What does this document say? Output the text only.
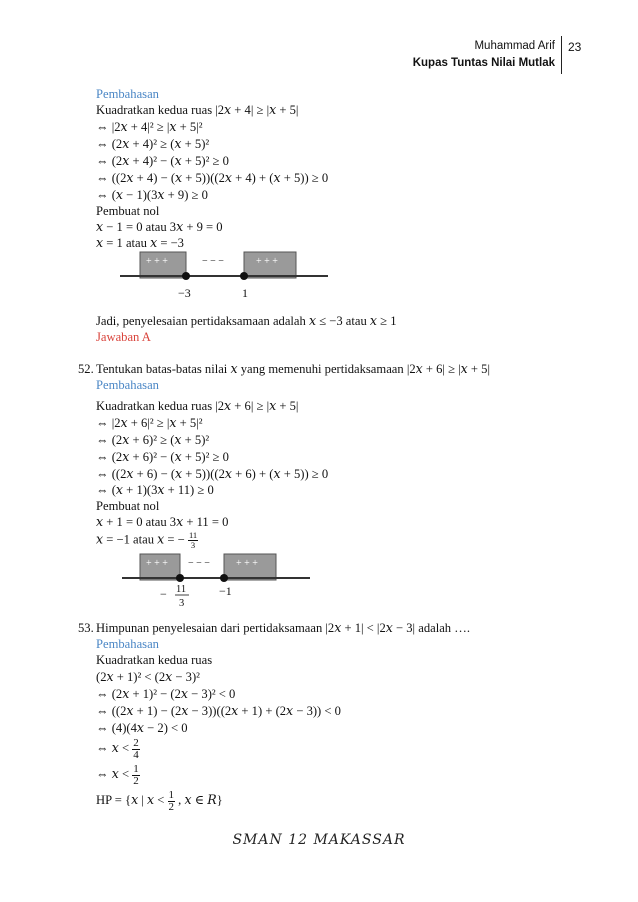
Muhammad Arif
Kupas Tuntas Nilai Mutlak
23
Pembahasan
Kuadratkan kedua ruas |2𝑥 + 4| ≥ |𝑥 + 5|
⇔ |2𝑥 + 4|² ≥ |𝑥 + 5|²
⇔ (2𝑥 + 4)² ≥ (𝑥 + 5)²
⇔ (2𝑥 + 4)² − (𝑥 + 5)² ≥ 0
⇔ ((2𝑥 + 4) − (𝑥 + 5))((2𝑥 + 4) + (𝑥 + 5)) ≥ 0
⇔ (𝑥 − 1)(3𝑥 + 9) ≥ 0
Pembuat nol
𝑥 − 1 = 0 atau 3𝑥 + 9 = 0
𝑥 = 1 atau 𝑥 = −3
+ + +	− − −	+ + +
−3	1
Jadi, penyelesaian pertidaksamaan adalah 𝑥 ≤ −3 atau 𝑥 ≥ 1
Jawaban A
52. Tentukan batas-batas nilai 𝑥 yang memenuhi pertidaksamaan |2𝑥 + 6| ≥ |𝑥 + 5|
Pembahasan
Kuadratkan kedua ruas |2𝑥 + 6| ≥ |𝑥 + 5|
⇔ |2𝑥 + 6|² ≥ |𝑥 + 5|²
⇔ (2𝑥 + 6)² ≥ (𝑥 + 5)²
⇔ (2𝑥 + 6)² − (𝑥 + 5)² ≥ 0
⇔ ((2𝑥 + 6) − (𝑥 + 5))((2𝑥 + 6) + (𝑥 + 5)) ≥ 0
⇔ (𝑥 + 1)(3𝑥 + 11) ≥ 0
Pembuat nol
𝑥 + 1 = 0 atau 3𝑥 + 11 = 0
𝑥 = −1 atau 𝑥 = − $\frac{11}{3}$
+ + + − − −	+ + +
− 11
3
−1
53. Himpunan penyelesaian dari pertidaksamaan |2𝑥 + 1| < |2𝑥 − 3| adalah ….
Pembahasan
Kuadratkan kedua ruas
(2𝑥 + 1)² < (2𝑥 − 3)²
⇔ (2𝑥 + 1)² − (2𝑥 − 3)² < 0
⇔ ((2𝑥 + 1) − (2𝑥 − 3))((2𝑥 + 1) + (2𝑥 − 3)) < 0
⇔ (4)(4𝑥 − 2) < 0
⇔ 𝑥 < $\frac{2}{4}$
⇔ 𝑥 < $\frac{1}{2}$
HP = {𝑥 | 𝑥 < $\frac{1}{2}$ , 𝑥 ∈ 𝑅}
SMAN 12 MAKASSAR
